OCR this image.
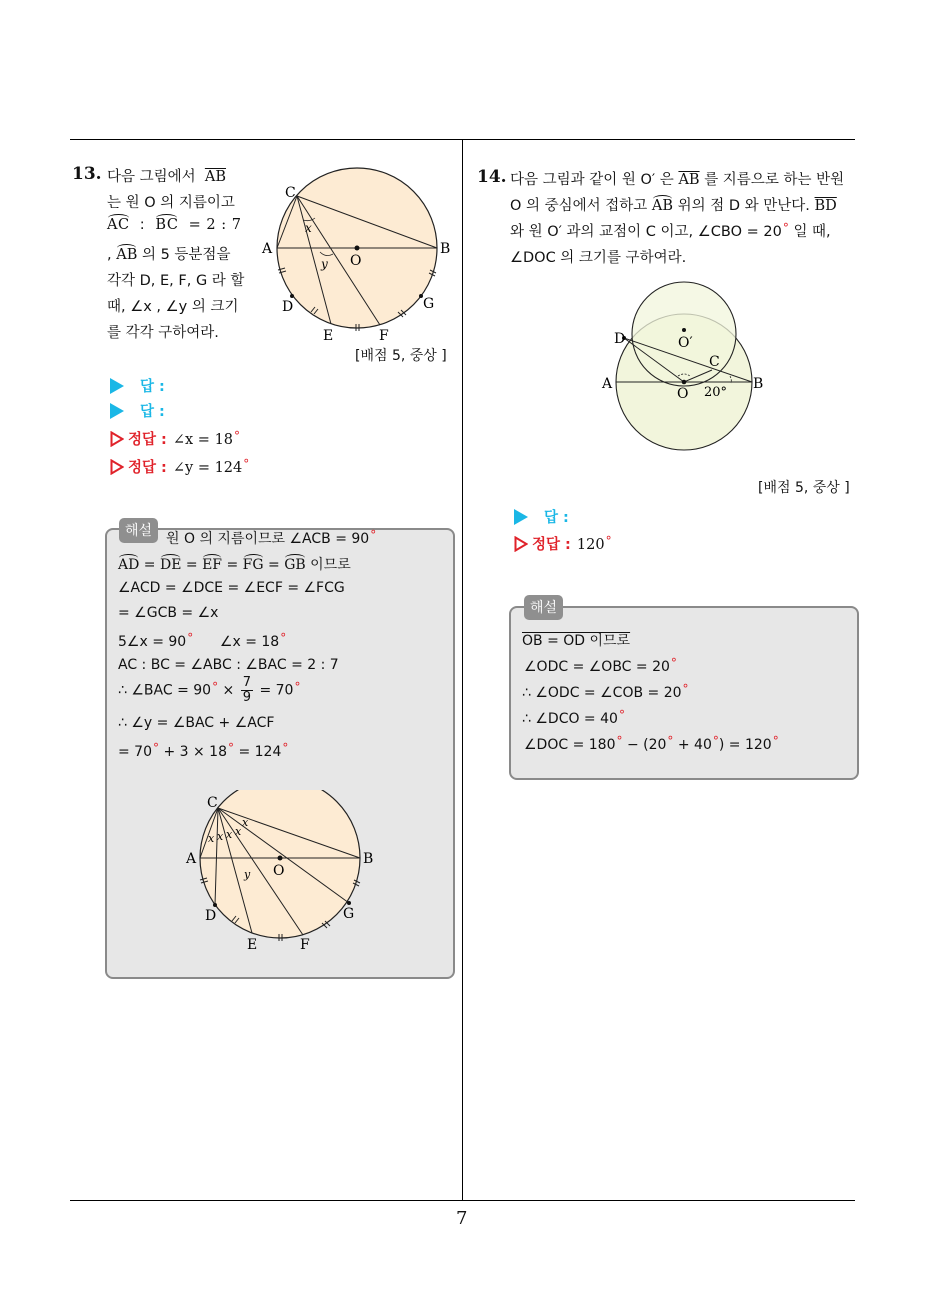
13. 다음 그림에서 $\overline{AB}$
는 원 O 의 지름이고
AC : BC = 2 : 7
, AB 의 5 등분점을
각각 D, E, F, G 라 할
때, ∠x , ∠y 의 크기
를 각각 구하여라.
C
A	B
O
D
E	F
G
x
y
[배점 5, 중상 ]
답 :
답 :
정답 : ∠x = 18°
정답 : ∠y = 124°
해설 원 O 의 지름이므로 ∠ACB = 90°
AD = DE = EF = FG = GB 이므로
∠ACD = ∠DCE = ∠ECF = ∠FCG
= ∠GCB = ∠x
5∠x = 90° ∠x = 18°
AC : BC = ∠ABC : ∠BAC = 2 : 7
∴ ∠BAC = $90^\circ \times \frac{7}{9} = 70^\circ$
∴ ∠y = ∠BAC + ∠ACF
= 70° + 3 × 18° = 124°
C
A	B
O
D
E	F
G
x x x x
x
y
14. 다음 그림과 같이 원 O′ 은 $\overline{AB}$ 를 지름으로 하는 반원
O 의 중심에서 접하고 AB 위의 점 D 와 만난다. $\overline{BD}$
와 원 O′ 과의 교점이 C 이고, ∠CBO = 20° 일 때,
∠DOC 의 크기를 구하여라.
D	O′
C
A
O 20°
B
[배점 5, 중상 ]
답 :
정답 : 120°
해설
OB = OD 이므로
∠ODC = ∠OBC = 20°
∴ ∠ODC = ∠COB = 20°
∴ ∠DCO = 40°
∠DOC = 180° − (20° + 40°) = 120°
7
